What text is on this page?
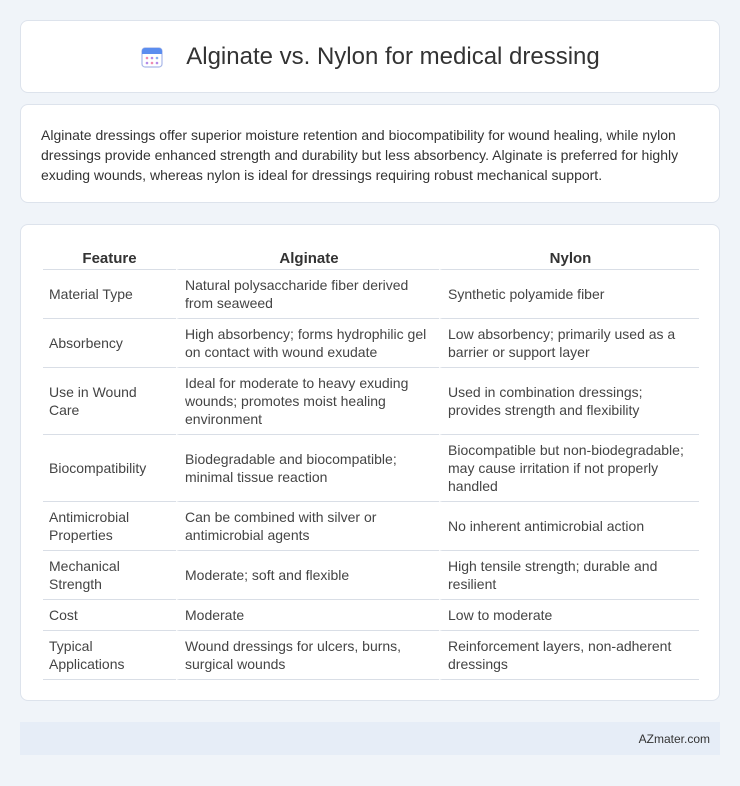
Alginate vs. Nylon for medical dressing

Alginate dressings offer superior moisture retention and biocompatibility for wound healing, while nylon dressings provide enhanced strength and durability but less absorbency. Alginate is preferred for highly exuding wounds, whereas nylon is ideal for dressings requiring robust mechanical support.

Feature	Alginate	Nylon
Material Type	Natural polysaccharide fiber derived from seaweed	Synthetic polyamide fiber
Absorbency	High absorbency; forms hydrophilic gel on contact with wound exudate	Low absorbency; primarily used as a barrier or support layer
Use in Wound Care	Ideal for moderate to heavy exuding wounds; promotes moist healing environment	Used in combination dressings; provides strength and flexibility
Biocompatibility	Biodegradable and biocompatible; minimal tissue reaction	Biocompatible but non-biodegradable; may cause irritation if not properly handled
Antimicrobial Properties	Can be combined with silver or antimicrobial agents	No inherent antimicrobial action
Mechanical Strength	Moderate; soft and flexible	High tensile strength; durable and resilient
Cost	Moderate	Low to moderate
Typical Applications	Wound dressings for ulcers, burns, surgical wounds	Reinforcement layers, non-adherent dressings
AZmater.com
